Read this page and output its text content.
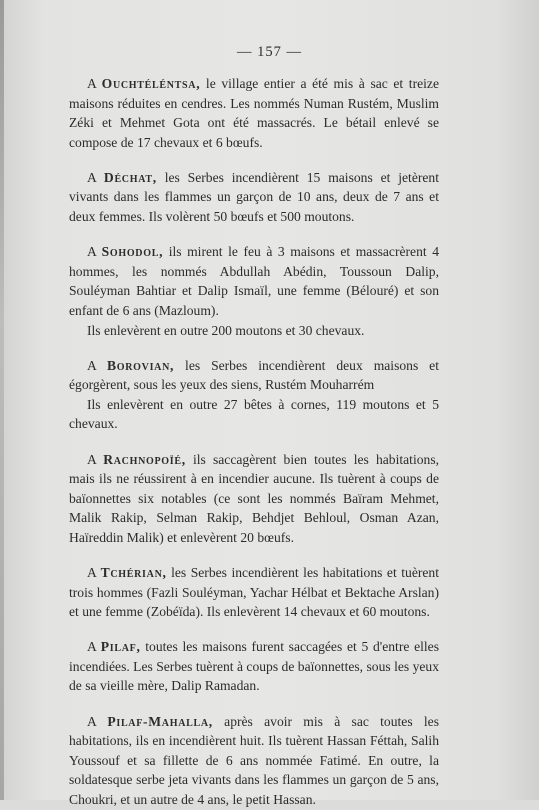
— 157 —

A Ouchtéléntsa, le village entier a été mis à sac et treize maisons réduites en cendres. Les nommés Numan Rustém, Muslim Zéki et Mehmet Gota ont été massacrés. Le bétail enlevé se compose de 17 chevaux et 6 bœufs.

A Déchat, les Serbes incendièrent 15 maisons et jetèrent vivants dans les flammes un garçon de 10 ans, deux de 7 ans et deux femmes. Ils volèrent 50 bœufs et 500 moutons.

A Sohodol, ils mirent le feu à 3 maisons et massacrèrent 4 hommes, les nommés Abdullah Abédin, Toussoun Dalip, Souléyman Bahtiar et Dalip Ismaïl, une femme (Bélouré) et son enfant de 6 ans (Mazloum).

Ils enlevèrent en outre 200 moutons et 30 chevaux.

A Borovian, les Serbes incendièrent deux maisons et égorgèrent, sous les yeux des siens, Rustém Mouharrém

Ils enlevèrent en outre 27 bêtes à cornes, 119 moutons et 5 chevaux.

A Rachnopoïé, ils saccagèrent bien toutes les habitations, mais ils ne réussirent à en incendier aucune. Ils tuèrent à coups de baïonnettes six notables (ce sont les nommés Baïram Mehmet, Malik Rakip, Selman Rakip, Behdjet Behloul, Osman Azan, Haïreddin Malik) et enlevèrent 20 bœufs.

A Tchérian, les Serbes incendièrent les habitations et tuèrent trois hommes (Fazli Souléyman, Yachar Hélbat et Bektache Arslan) et une femme (Zobéïda). Ils enlevèrent 14 chevaux et 60 moutons.

A Pilaf, toutes les maisons furent saccagées et 5 d'entre elles incendiées. Les Serbes tuèrent à coups de baïonnettes, sous les yeux de sa vieille mère, Dalip Ramadan.

A Pilaf-Mahalla, après avoir mis à sac toutes les habitations, ils en incendièrent huit. Ils tuèrent Hassan Féttah, Salih Youssouf et sa fillette de 6 ans nommée Fatimé. En outre, la soldatesque serbe jeta vivants dans les flammes un garçon de 5 ans, Choukri, et un autre de 4 ans, le petit Hassan.
